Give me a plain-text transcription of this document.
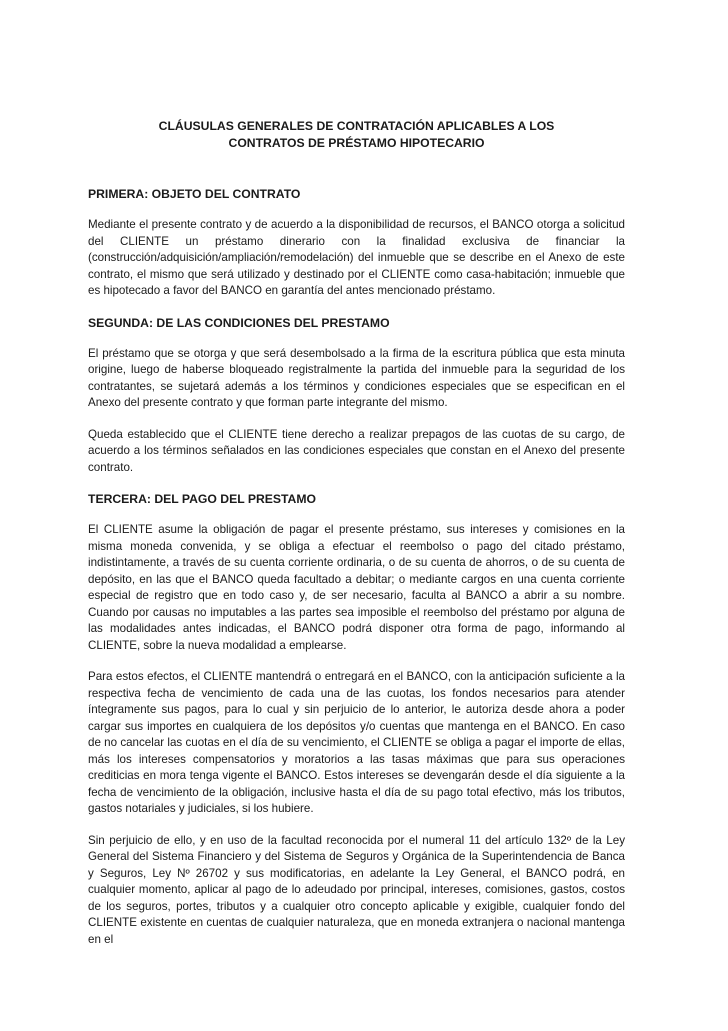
CLÁUSULAS GENERALES DE CONTRATACIÓN APLICABLES A LOS
CONTRATOS DE PRÉSTAMO HIPOTECARIO
PRIMERA: OBJETO DEL CONTRATO

Mediante el presente contrato y de acuerdo a la disponibilidad de recursos, el BANCO otorga a solicitud del CLIENTE un préstamo dinerario con la finalidad exclusiva de financiar la (construcción/adquisición/ampliación/remodelación) del inmueble que se describe en el Anexo de este contrato, el mismo que será utilizado y destinado por el CLIENTE como casa-habitación; inmueble que es hipotecado a favor del BANCO en garantía del antes mencionado préstamo.

SEGUNDA: DE LAS CONDICIONES DEL PRESTAMO

El préstamo que se otorga y que será desembolsado a la firma de la escritura pública que esta minuta origine, luego de haberse bloqueado registralmente la partida del inmueble para la seguridad de los contratantes, se sujetará además a los términos y condiciones especiales que se especifican en el Anexo del presente contrato y que forman parte integrante del mismo.

Queda establecido que el CLIENTE tiene derecho a realizar prepagos de las cuotas de su cargo, de acuerdo a los términos señalados en las condiciones especiales que constan en el Anexo del presente contrato.

TERCERA: DEL PAGO DEL PRESTAMO

El CLIENTE asume la obligación de pagar el presente préstamo, sus intereses y comisiones en la misma moneda convenida, y se obliga a efectuar el reembolso o pago del citado préstamo, indistintamente, a través de su cuenta corriente ordinaria, o de su cuenta de ahorros, o de su cuenta de depósito, en las que el BANCO queda facultado a debitar; o mediante cargos en una cuenta corriente especial de registro que en todo caso y, de ser necesario, faculta al BANCO a abrir a su nombre. Cuando por causas no imputables a las partes sea imposible el reembolso del préstamo por alguna de las modalidades antes indicadas, el BANCO podrá disponer otra forma de pago, informando al CLIENTE, sobre la nueva modalidad a emplearse.

Para estos efectos, el CLIENTE mantendrá o entregará en el BANCO, con la anticipación suficiente a la respectiva fecha de vencimiento de cada una de las cuotas, los fondos necesarios para atender íntegramente sus pagos, para lo cual y sin perjuicio de lo anterior, le autoriza desde ahora a poder cargar sus importes en cualquiera de los depósitos y/o cuentas que mantenga en el BANCO. En caso de no cancelar las cuotas en el día de su vencimiento, el CLIENTE se obliga a pagar el importe de ellas, más los intereses compensatorios y moratorios a las tasas máximas que para sus operaciones crediticias en mora tenga vigente el BANCO. Estos intereses se devengarán desde el día siguiente a la fecha de vencimiento de la obligación, inclusive hasta el día de su pago total efectivo, más los tributos, gastos notariales y judiciales, si los hubiere.

Sin perjuicio de ello, y en uso de la facultad reconocida por el numeral 11 del artículo 132º de la Ley General del Sistema Financiero y del Sistema de Seguros y Orgánica de la Superintendencia de Banca y Seguros, Ley Nº 26702 y sus modificatorias, en adelante la Ley General, el BANCO podrá, en cualquier momento, aplicar al pago de lo adeudado por principal, intereses, comisiones, gastos, costos de los seguros, portes, tributos y a cualquier otro concepto aplicable y exigible, cualquier fondo del CLIENTE existente en cuentas de cualquier naturaleza, que en moneda extranjera o nacional mantenga en el
